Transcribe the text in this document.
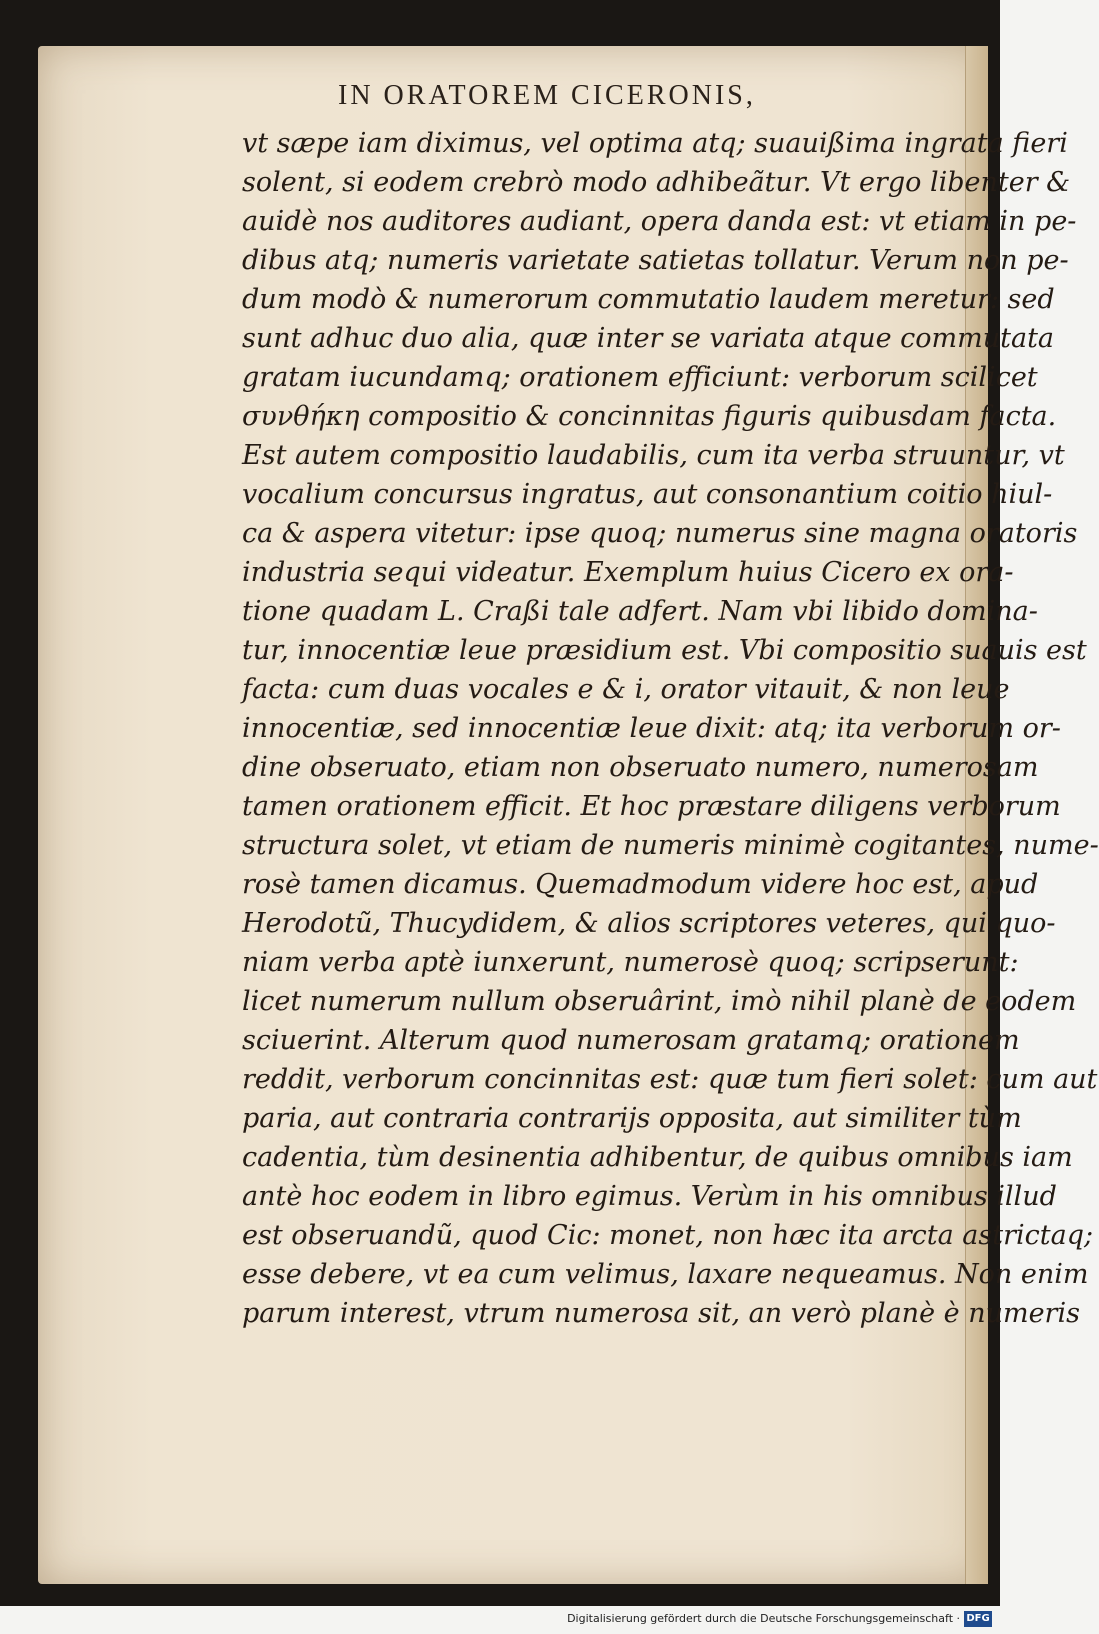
IN ORATOREM CICERONIS,
vt sæpe iam diximus, vel optima atq; suauißima ingrata fieri
solent, si eodem crebrò modo adhibeãtur. Vt ergo libenter &
auidè nos auditores audiant, opera danda est: vt etiam in pe-
dibus atq; numeris varietate satietas tollatur. Verum non pe-
dum modò & numerorum commutatio laudem meretur: sed
sunt adhuc duo alia, quæ inter se variata atque commutata
gratam iucundamq; orationem efficiunt: verborum scilicet
συνθήκη compositio & concinnitas figuris quibusdam facta.
Est autem compositio laudabilis, cum ita verba struuntur, vt
vocalium concursus ingratus, aut consonantium coitio hiul-
ca & aspera vitetur: ipse quoq; numerus sine magna oratoris
industria sequi videatur. Exemplum huius Cicero ex ora-
tione quadam L. Craßi tale adfert. Nam vbi libido domina-
tur, innocentiæ leue præsidium est. Vbi compositio suauis est
facta: cum duas vocales e & i, orator vitauit, & non leue
innocentiæ, sed innocentiæ leue dixit: atq; ita verborum or-
dine obseruato, etiam non obseruato numero, numerosam
tamen orationem efficit. Et hoc præstare diligens verborum
structura solet, vt etiam de numeris minimè cogitantes, nume-
rosè tamen dicamus. Quemadmodum videre hoc est, apud
Herodotũ, Thucydidem, & alios scriptores veteres, qui quo-
niam verba aptè iunxerunt, numerosè quoq; scripserunt:
licet numerum nullum obseruârint, imò nihil planè de eodem
sciuerint. Alterum quod numerosam gratamq; orationem
reddit, verborum concinnitas est: quæ tum fieri solet: cum aut
paria, aut contraria contrarijs opposita, aut similiter tùm
cadentia, tùm desinentia adhibentur, de quibus omnibus iam
antè hoc eodem in libro egimus. Verùm in his omnibus illud
est obseruandũ, quod Cic: monet, non hæc ita arcta astrictaq;
esse debere, vt ea cum velimus, laxare nequeamus. Non enim
parum interest, vtrum numerosa sit, an verò planè è numeris
Digitalisierung gefördert durch die Deutsche Forschungsgemeinschaft · DFG
